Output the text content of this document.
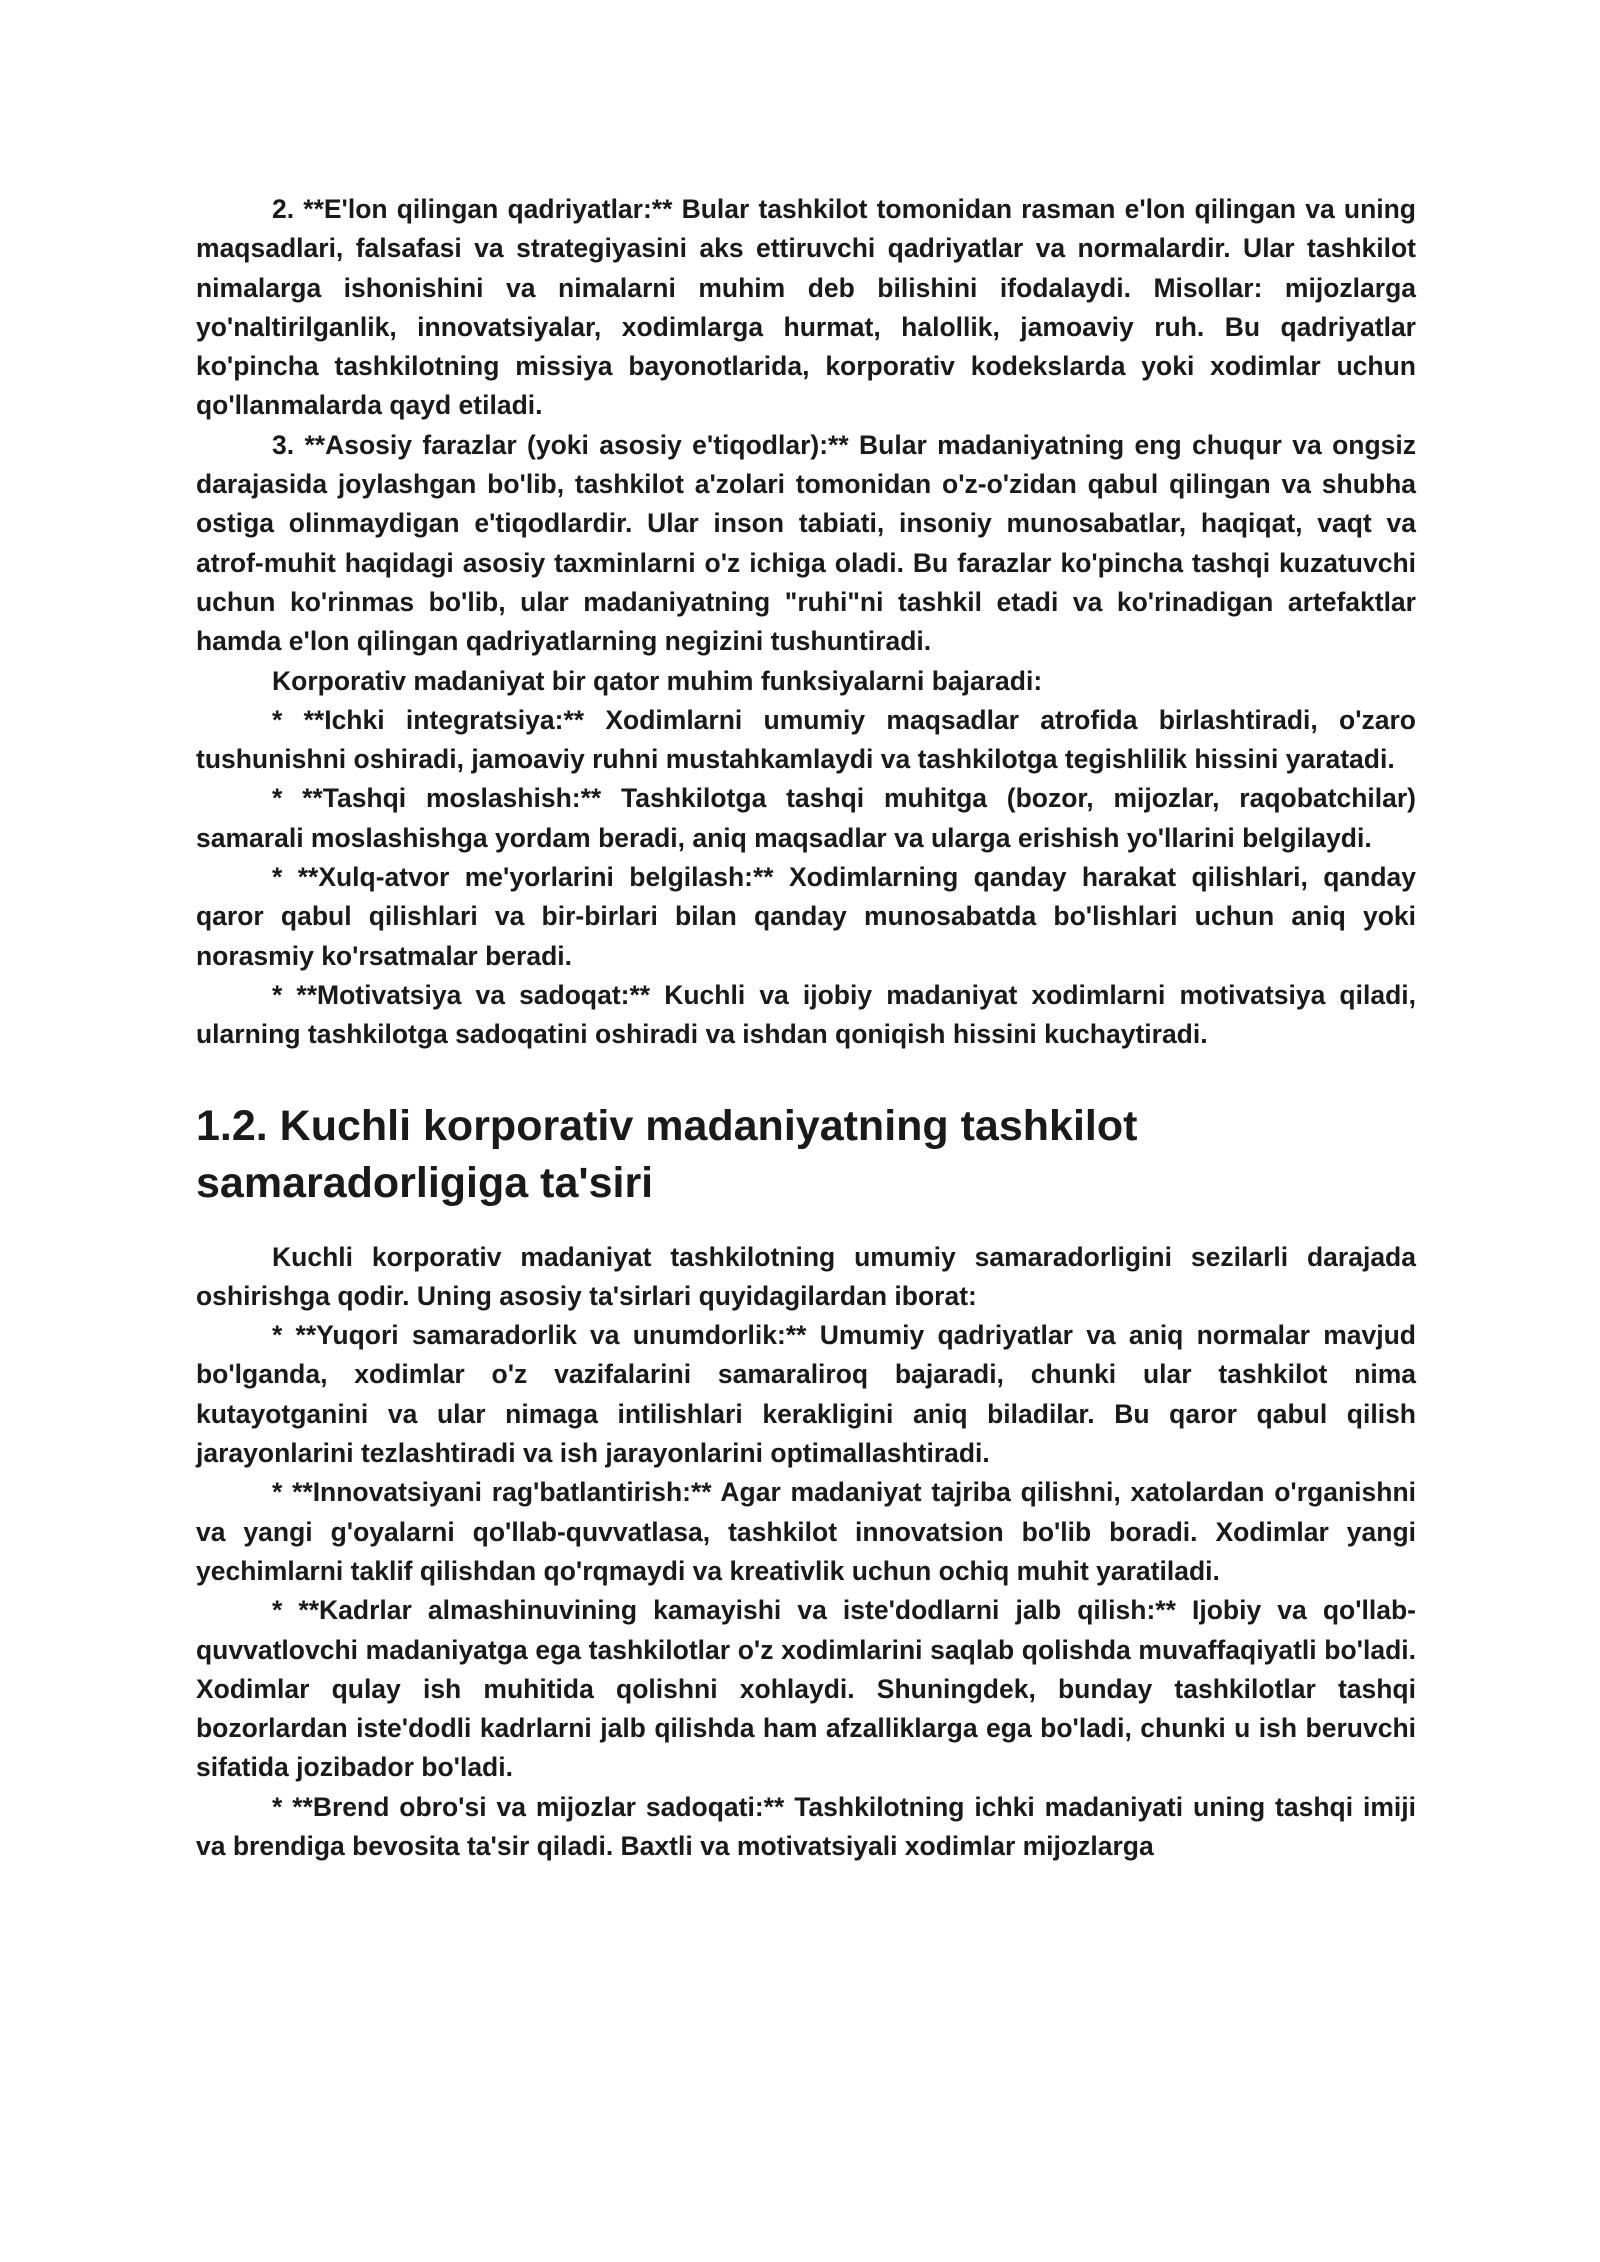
2. **E'lon qilingan qadriyatlar:** Bular tashkilot tomonidan rasman e'lon qilingan va uning maqsadlari, falsafasi va strategiyasini aks ettiruvchi qadriyatlar va normalardir. Ular tashkilot nimalarga ishonishini va nimalarni muhim deb bilishini ifodalaydi. Misollar: mijozlarga yo'naltirilganlik, innovatsiyalar, xodimlarga hurmat, halollik, jamoaviy ruh. Bu qadriyatlar ko'pincha tashkilotning missiya bayonotlarida, korporativ kodekslarda yoki xodimlar uchun qo'llanmalarda qayd etiladi.

3. **Asosiy farazlar (yoki asosiy e'tiqodlar):** Bular madaniyatning eng chuqur va ongsiz darajasida joylashgan bo'lib, tashkilot a'zolari tomonidan o'z-o'zidan qabul qilingan va shubha ostiga olinmaydigan e'tiqodlardir. Ular inson tabiati, insoniy munosabatlar, haqiqat, vaqt va atrof-muhit haqidagi asosiy taxminlarni o'z ichiga oladi. Bu farazlar ko'pincha tashqi kuzatuvchi uchun ko'rinmas bo'lib, ular madaniyatning "ruhi"ni tashkil etadi va ko'rinadigan artefaktlar hamda e'lon qilingan qadriyatlarning negizini tushuntiradi.

Korporativ madaniyat bir qator muhim funksiyalarni bajaradi:

* **Ichki integratsiya:** Xodimlarni umumiy maqsadlar atrofida birlashtiradi, o'zaro tushunishni oshiradi, jamoaviy ruhni mustahkamlaydi va tashkilotga tegishlilik hissini yaratadi.

* **Tashqi moslashish:** Tashkilotga tashqi muhitga (bozor, mijozlar, raqobatchilar) samarali moslashishga yordam beradi, aniq maqsadlar va ularga erishish yo'llarini belgilaydi.

* **Xulq-atvor me'yorlarini belgilash:** Xodimlarning qanday harakat qilishlari, qanday qaror qabul qilishlari va bir-birlari bilan qanday munosabatda bo'lishlari uchun aniq yoki norasmiy ko'rsatmalar beradi.

* **Motivatsiya va sadoqat:** Kuchli va ijobiy madaniyat xodimlarni motivatsiya qiladi, ularning tashkilotga sadoqatini oshiradi va ishdan qoniqish hissini kuchaytiradi.

1.2. Kuchli korporativ madaniyatning tashkilot samaradorligiga ta'siri

Kuchli korporativ madaniyat tashkilotning umumiy samaradorligini sezilarli darajada oshirishga qodir. Uning asosiy ta'sirlari quyidagilardan iborat:

* **Yuqori samaradorlik va unumdorlik:** Umumiy qadriyatlar va aniq normalar mavjud bo'lganda, xodimlar o'z vazifalarini samaraliroq bajaradi, chunki ular tashkilot nima kutayotganini va ular nimaga intilishlari kerakligini aniq biladilar. Bu qaror qabul qilish jarayonlarini tezlashtiradi va ish jarayonlarini optimallashtiradi.

* **Innovatsiyani rag'batlantirish:** Agar madaniyat tajriba qilishni, xatolardan o'rganishni va yangi g'oyalarni qo'llab-quvvatlasa, tashkilot innovatsion bo'lib boradi. Xodimlar yangi yechimlarni taklif qilishdan qo'rqmaydi va kreativlik uchun ochiq muhit yaratiladi.

* **Kadrlar almashinuvining kamayishi va iste'dodlarni jalb qilish:** Ijobiy va qo'llab-quvvatlovchi madaniyatga ega tashkilotlar o'z xodimlarini saqlab qolishda muvaffaqiyatli bo'ladi. Xodimlar qulay ish muhitida qolishni xohlaydi. Shuningdek, bunday tashkilotlar tashqi bozorlardan iste'dodli kadrlarni jalb qilishda ham afzalliklarga ega bo'ladi, chunki u ish beruvchi sifatida jozibador bo'ladi.

* **Brend obro'si va mijozlar sadoqati:** Tashkilotning ichki madaniyati uning tashqi imiji va brendiga bevosita ta'sir qiladi. Baxtli va motivatsiyali xodimlar mijozlarga
